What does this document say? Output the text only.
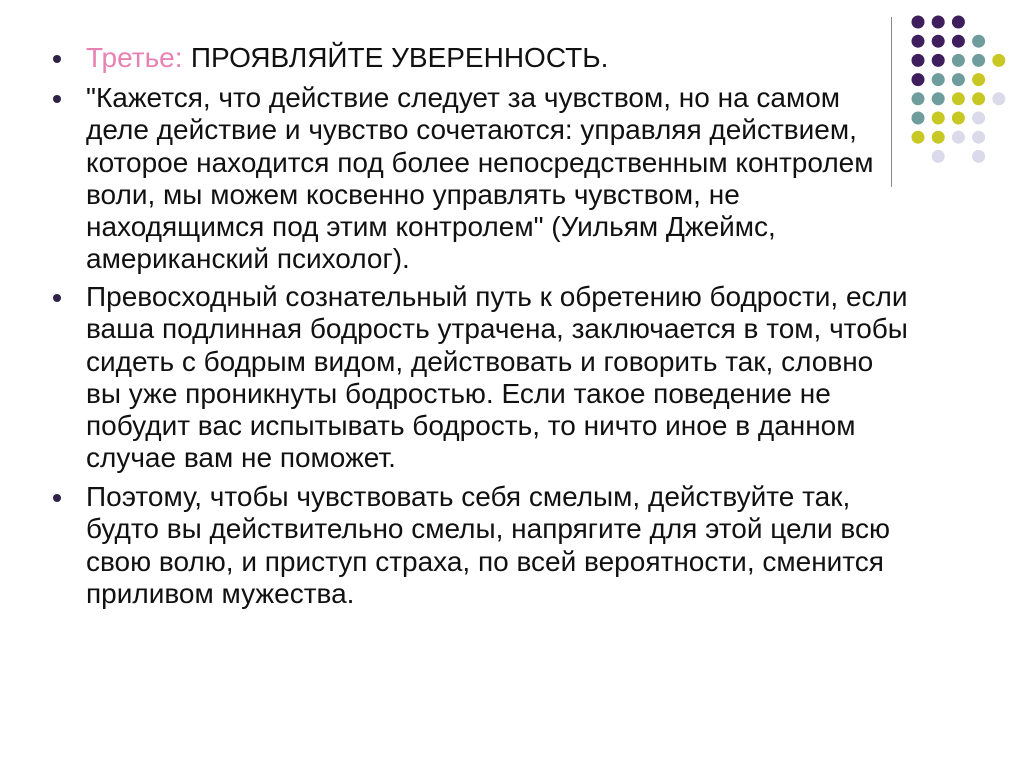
Третье: ПРОЯВЛЯЙТЕ УВЕРЕННОСТЬ.
"Кажется, что действие следует за чувством, но на самом
деле действие и чувство сочетаются: управляя действием,
которое находится под более непосредственным контролем
воли, мы можем косвенно управлять чувством, не
находящимся под этим контролем" (Уильям Джеймс,
американский психолог).
Превосходный сознательный путь к обретению бодрости, если
ваша подлинная бодрость утрачена, заключается в том, чтобы
сидеть с бодрым видом, действовать и говорить так, словно
вы уже проникнуты бодростью. Если такое поведение не
побудит вас испытывать бодрость, то ничто иное в данном
случае вам не поможет.
Поэтому, чтобы чувствовать себя смелым, действуйте так,
будто вы действительно смелы, напрягите для этой цели всю
свою волю, и приступ страха, по всей вероятности, сменится
приливом мужества.
